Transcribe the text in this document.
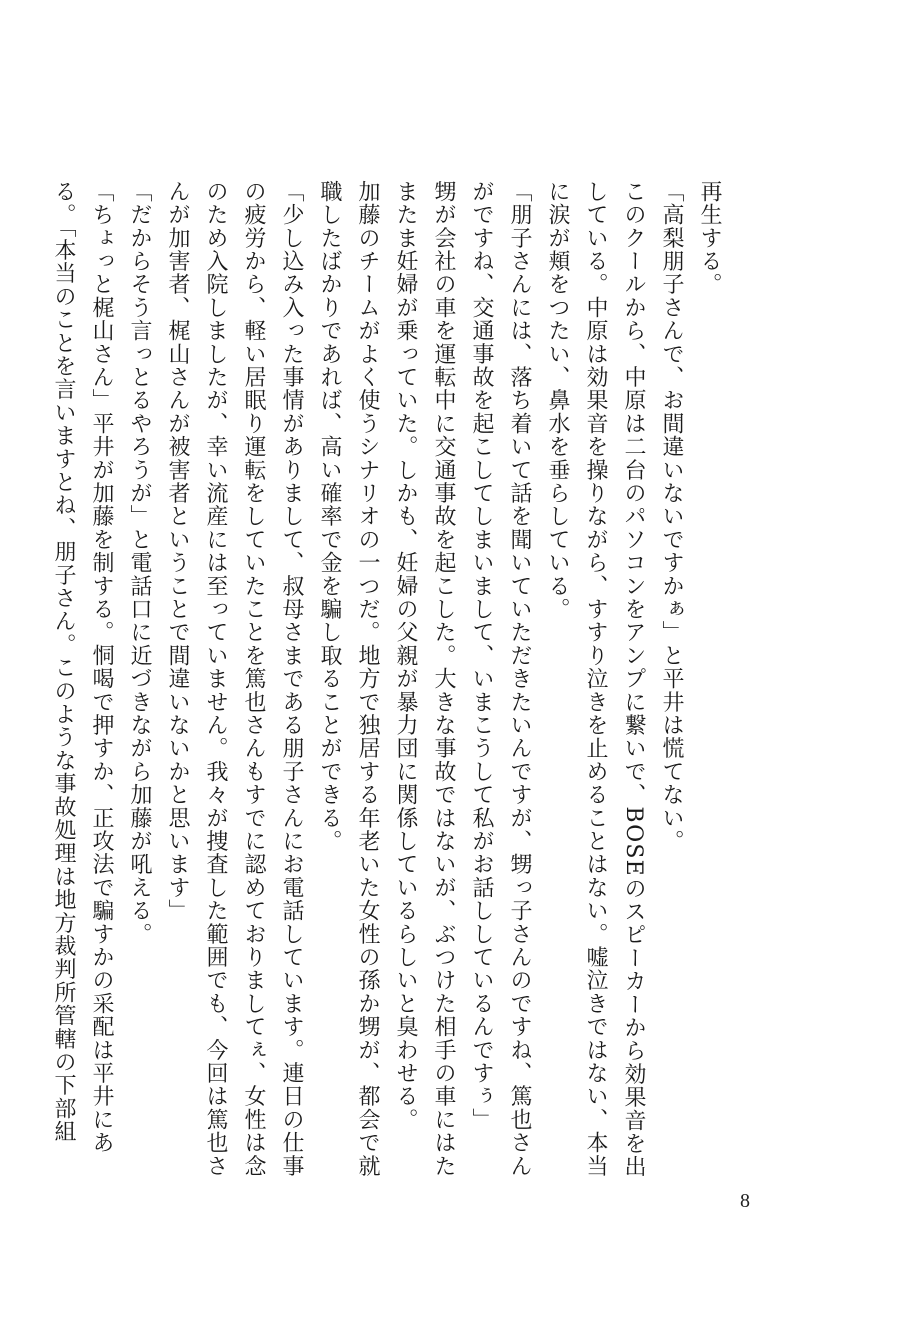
再生する。

「高梨朋子さんで、お間違いないですかぁ」と平井は慌てない。

このクールから、中原は二台のパソコンをアンプに繋いで、BOSEのスピーカーから効果音を出している。中原は効果音を操りながら、すすり泣きを止めることはない。嘘泣きではない、本当に涙が頬をつたい、鼻水を垂らしている。

「朋子さんには、落ち着いて話を聞いていただきたいんですが、甥っ子さんのですね、篤也さんがですね、交通事故を起こしてしまいまして、いまこうして私がお話ししているんですぅ」

甥が会社の車を運転中に交通事故を起こした。大きな事故ではないが、ぶつけた相手の車にはたまたま妊婦が乗っていた。しかも、妊婦の父親が暴力団に関係しているらしいと臭わせる。

加藤のチームがよく使うシナリオの一つだ。地方で独居する年老いた女性の孫か甥が、都会で就職したばかりであれば、高い確率で金を騙し取ることができる。

「少し込み入った事情がありまして、叔母さまである朋子さんにお電話しています。連日の仕事の疲労から、軽い居眠り運転をしていたことを篤也さんもすでに認めておりましてぇ、女性は念のため入院しましたが、幸い流産には至っていません。我々が捜査した範囲でも、今回は篤也さんが加害者、梶山さんが被害者ということで間違いないかと思います」

「だからそう言っとるやろうが」と電話口に近づきながら加藤が吼える。

「ちょっと梶山さん」平井が加藤を制する。恫喝で押すか、正攻法で騙すかの采配は平井にある。「本当のことを言いますとね、朋子さん。このような事故処理は地方裁判所管轄の下部組

8
